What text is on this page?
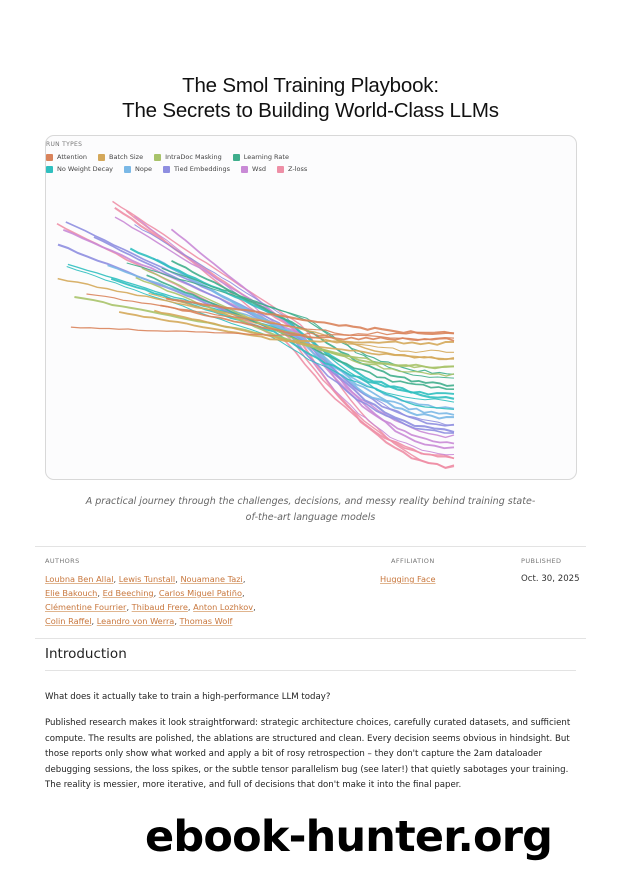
The Smol Training Playbook:
The Secrets to Building World-Class LLMs
RUN TYPES
Attention	Batch Size	IntraDoc Masking	Learning Rate
No Weight Decay	Nope	Tied Embeddings	Wsd	Z-loss
A practical journey through the challenges, decisions, and messy reality behind training state-of-the-art language models
AUTHORS	AFFILIATION	PUBLISHED
Loubna Ben Allal, Lewis Tunstall, Nouamane Tazi,
Elie Bakouch, Ed Beeching, Carlos Miguel Patiño,
Clémentine Fourrier, Thibaud Frere, Anton Lozhkov,
Colin Raffel, Leandro von Werra, Thomas Wolf
Hugging Face	Oct. 30, 2025
Introduction
What does it actually take to train a high-performance LLM today?
Published research makes it look straightforward: strategic architecture choices, carefully curated datasets, and sufficient compute. The results are polished, the ablations are structured and clean. Every decision seems obvious in hindsight. But those reports only show what worked and apply a bit of rosy retrospection – they don't capture the 2am dataloader debugging sessions, the loss spikes, or the subtle tensor parallelism bug (see later!) that quietly sabotages your training. The reality is messier, more iterative, and full of decisions that don't make it into the final paper.
ebook-hunter.org
